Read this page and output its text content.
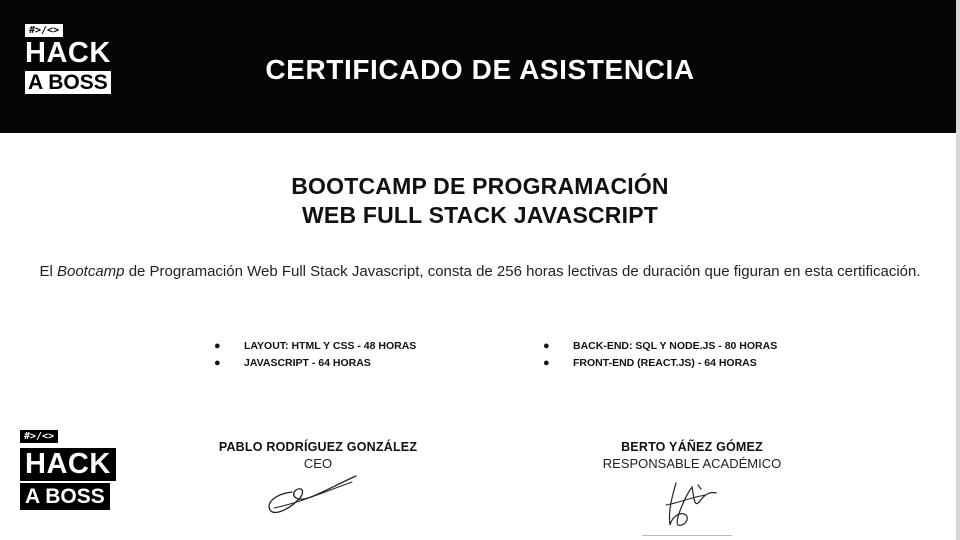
#>/<>
HACK
A BOSS	CERTIFICADO DE ASISTENCIA
BOOTCAMP DE PROGRAMACIÓN
WEB FULL STACK JAVASCRIPT

El Bootcamp de Programación Web Full Stack Javascript, consta de 256 horas lectivas de duración que figuran en esta certificación.

● LAYOUT: HTML Y CSS - 48 HORAS
● JAVASCRIPT - 64 HORAS
● BACK-END: SQL Y NODE.JS - 80 HORAS
● FRONT-END (REACT.JS) - 64 HORAS
#>/<>
HACK
A BOSS
PABLO RODRÍGUEZ GONZÁLEZ
CEO
BERTO YÁÑEZ GÓMEZ
RESPONSABLE ACADÉMICO
